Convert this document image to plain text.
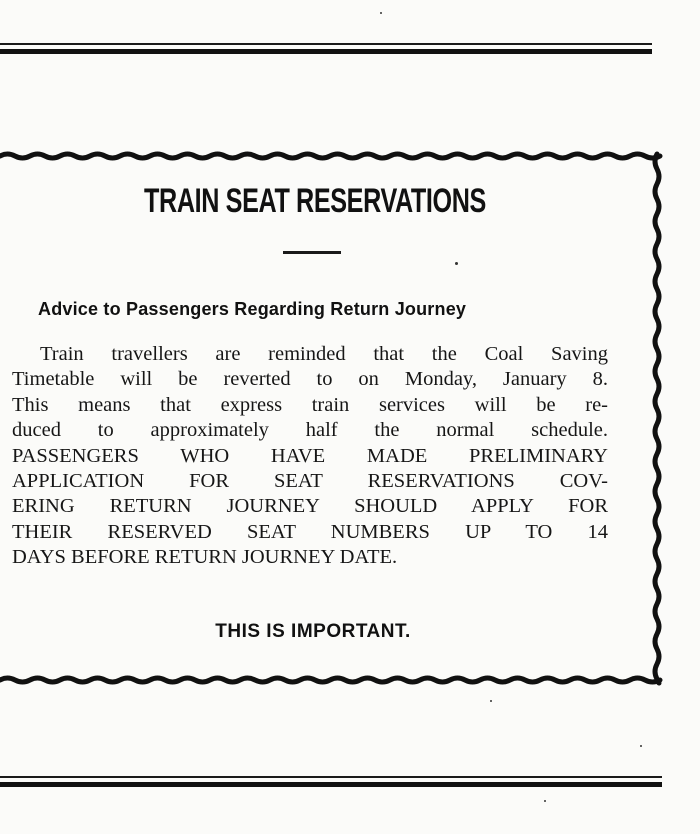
TRAIN SEAT RESERVATIONS
Advice to Passengers Regarding Return Journey
Train travellers are reminded that the Coal Saving
Timetable will be reverted to on Monday, January 8.
This means that express train services will be re-
duced to approximately half the normal schedule.
PASSENGERS WHO HAVE MADE PRELIMINARY
APPLICATION FOR SEAT RESERVATIONS COV-
ERING RETURN JOURNEY SHOULD APPLY FOR
THEIR RESERVED SEAT NUMBERS UP TO 14
DAYS BEFORE RETURN JOURNEY DATE.
THIS IS IMPORTANT.
